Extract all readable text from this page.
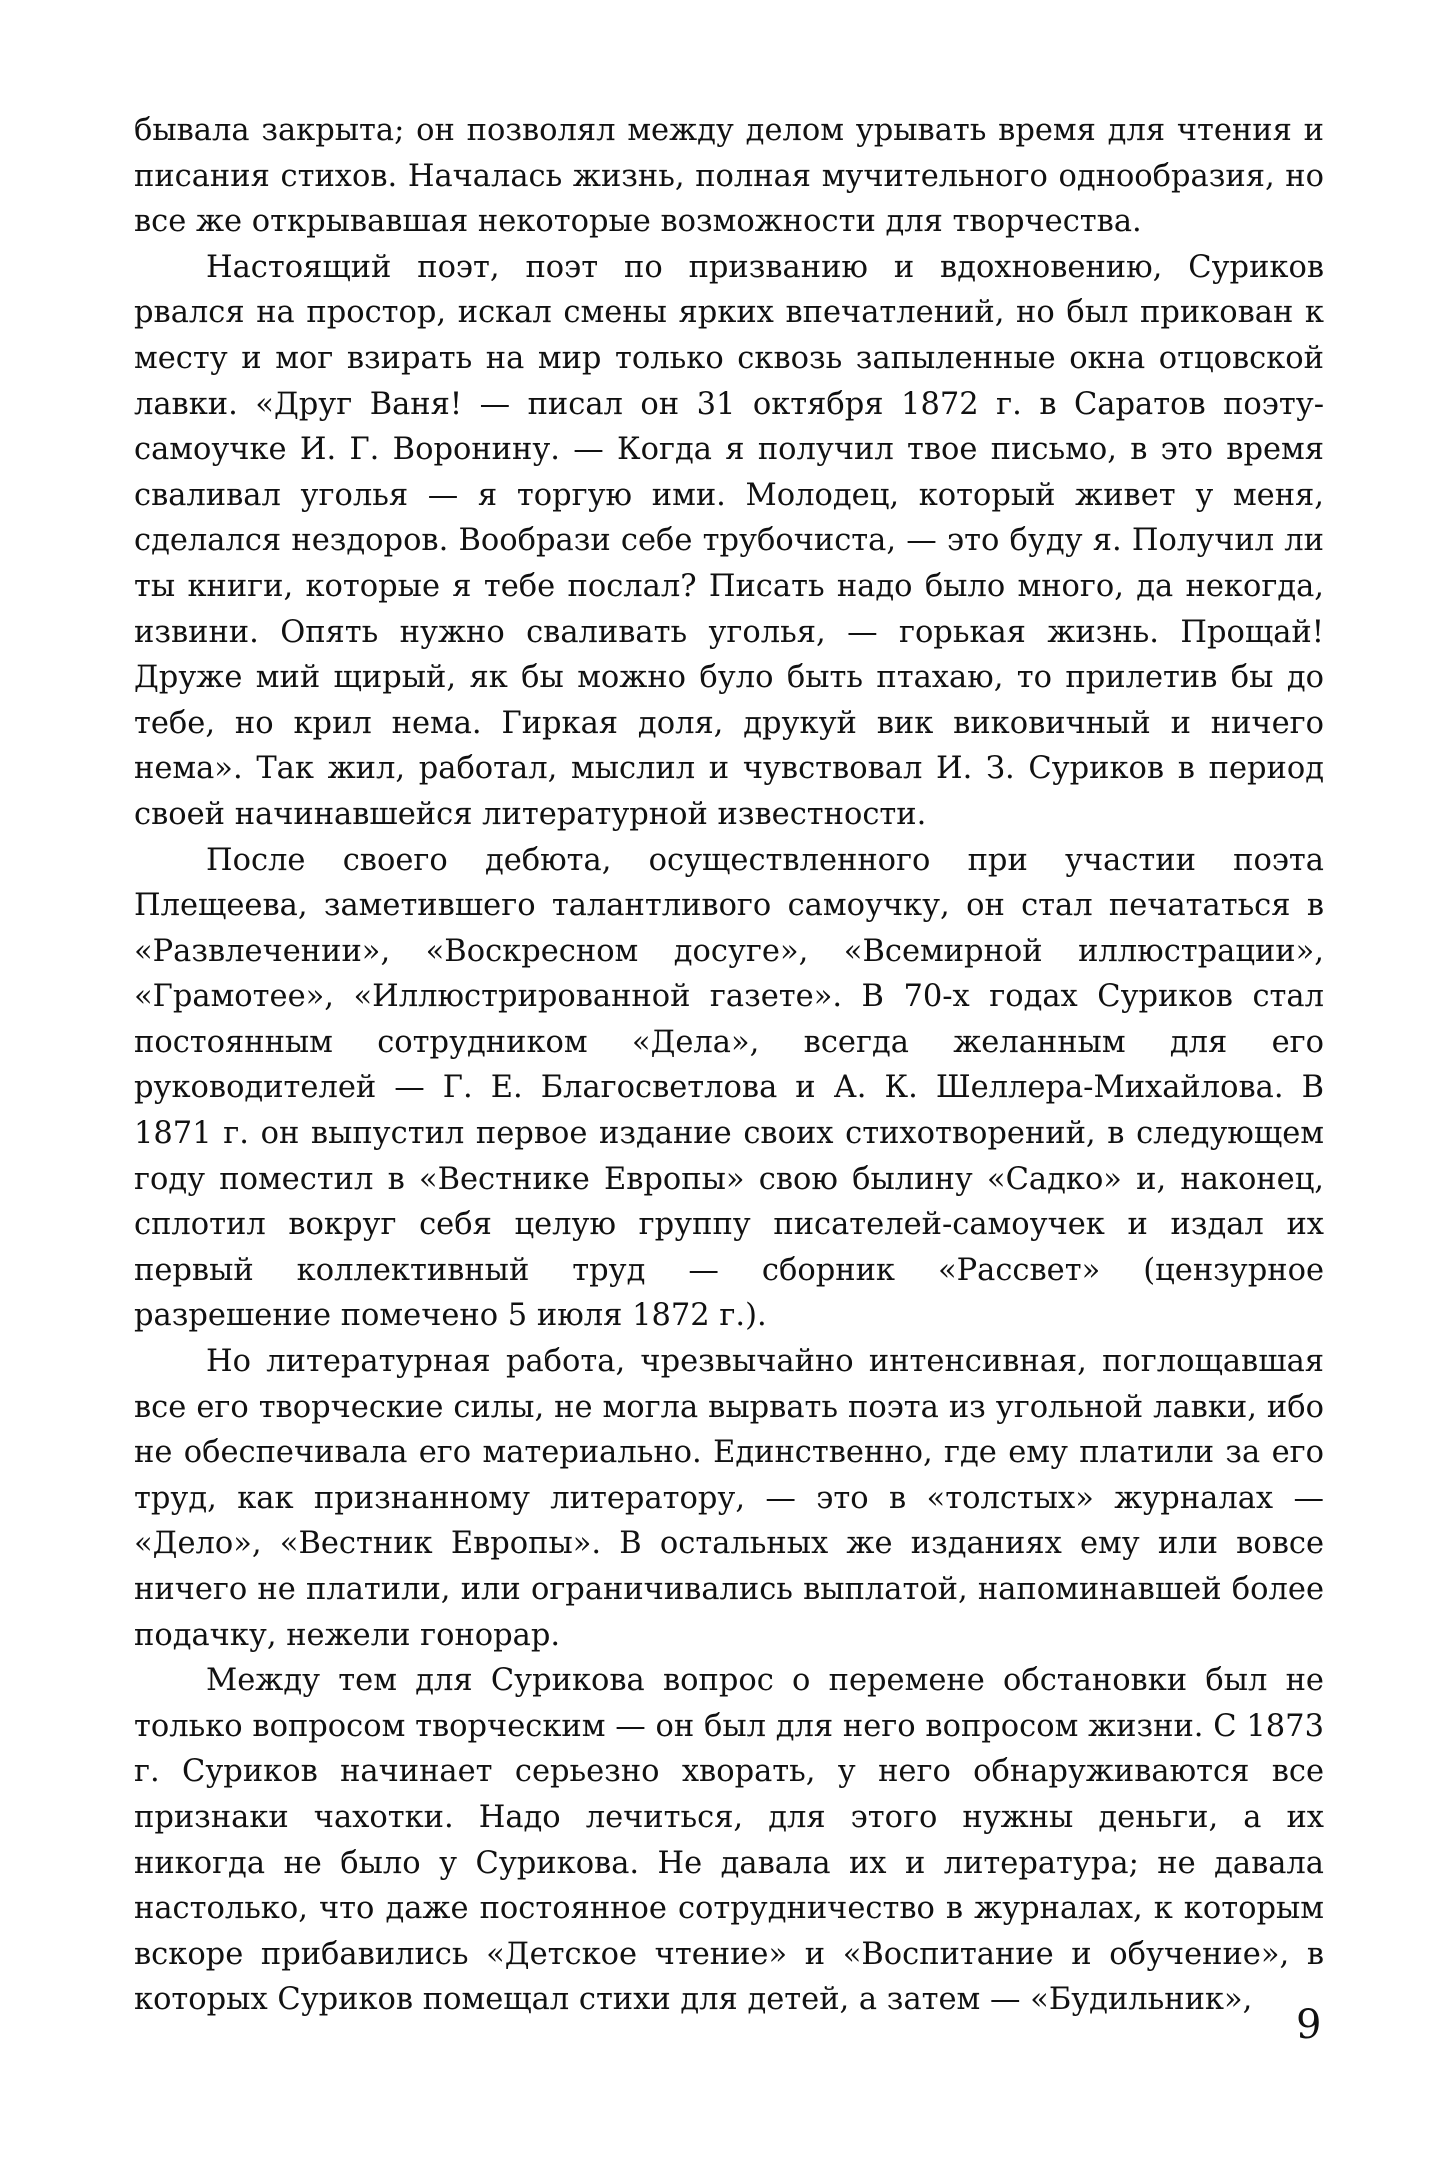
бывала закрыта; он позволял между делом урывать время для чтения и писания стихов. Началась жизнь, полная мучительного однообразия, но все же открывавшая некоторые возможности для творчества.

Настоящий поэт, поэт по призванию и вдохновению, Суриков рвался на простор, искал смены ярких впечатлений, но был прикован к месту и мог взирать на мир только сквозь запыленные окна отцовской лавки. «Друг Ваня! — писал он 31 октября 1872 г. в Саратов поэту-самоучке И. Г. Воронину. — Когда я получил твое письмо, в это время сваливал уголья — я торгую ими. Молодец, который живет у меня, сделался нездоров. Вообрази себе трубочиста, — это буду я. Получил ли ты книги, которые я тебе послал? Писать надо было много, да некогда, извини. Опять нужно сваливать уголья, — горькая жизнь. Прощай! Друже мий щирый, як бы можно було быть птахаю, то прилетив бы до тебе, но крил нема. Гиркая доля, друкуй вик виковичный и ничего нема». Так жил, работал, мыслил и чувствовал И. З. Суриков в период своей начинавшейся литературной известности.

После своего дебюта, осуществленного при участии поэта Плещеева, заметившего талантливого самоучку, он стал печататься в «Развлечении», «Воскресном досуге», «Всемирной иллюстрации», «Грамотее», «Иллюстрированной газете». В 70-х годах Суриков стал постоянным сотрудником «Дела», всегда желанным для его руководителей — Г. Е. Благосветлова и А. К. Шеллера-Михайлова. В 1871 г. он выпустил первое издание своих стихотворений, в следующем году поместил в «Вестнике Европы» свою былину «Садко» и, наконец, сплотил вокруг себя целую группу писателей-самоучек и издал их первый коллективный труд — сборник «Рассвет» (цензурное разрешение помечено 5 июля 1872 г.).

Но литературная работа, чрезвычайно интенсивная, поглощавшая все его творческие силы, не могла вырвать поэта из угольной лавки, ибо не обеспечивала его материально. Единственно, где ему платили за его труд, как признанному литератору, — это в «толстых» журналах — «Дело», «Вестник Европы». В остальных же изданиях ему или вовсе ничего не платили, или ограничивались выплатой, напоминавшей более подачку, нежели гонорар.

Между тем для Сурикова вопрос о перемене обстановки был не только вопросом творческим — он был для него вопросом жизни. С 1873 г. Суриков начинает серьезно хворать, у него обнаруживаются все признаки чахотки. Надо лечиться, для этого нужны деньги, а их никогда не было у Сурикова. Не давала их и литература; не давала настолько, что даже постоянное сотрудничество в журналах, к которым вскоре прибавились «Детское чтение» и «Воспитание и обучение», в которых Суриков помещал стихи для детей, а затем — «Будильник»,

9
